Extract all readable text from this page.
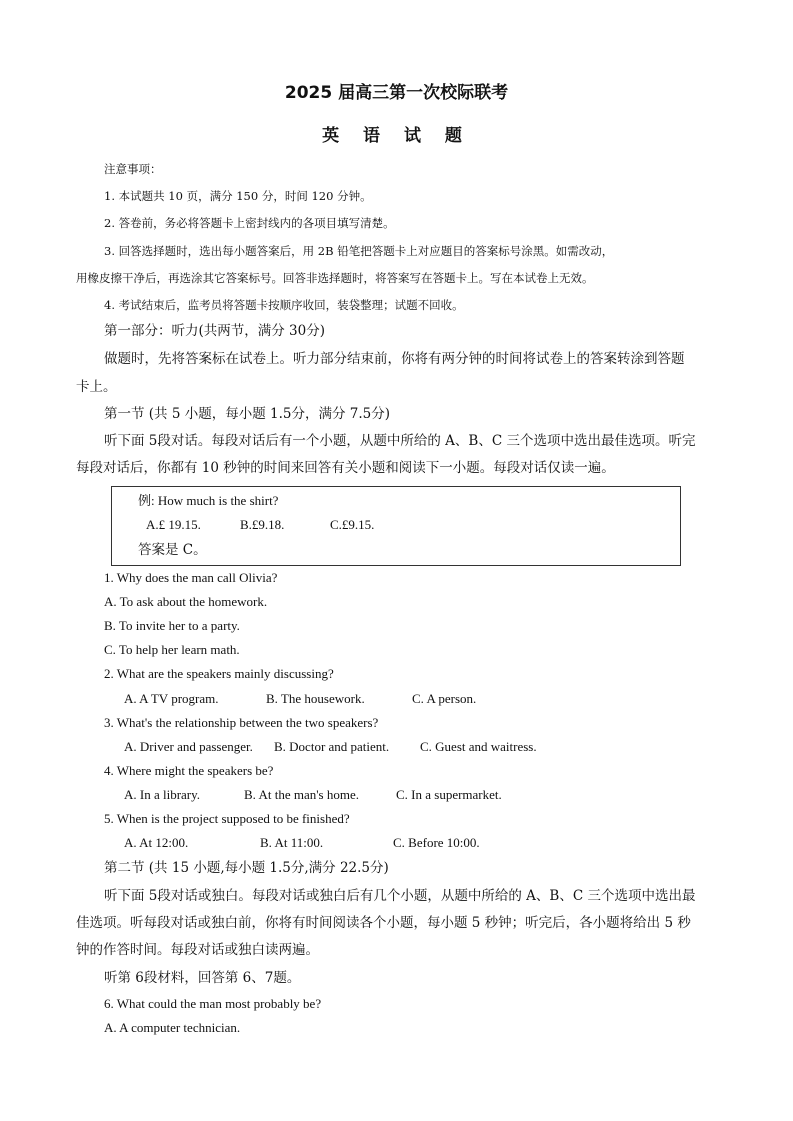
2025 届高三第一次校际联考
英 语 试 题
注意事项：
1. 本试题共 10 页，满分 150 分，时间 120 分钟。
2. 答卷前，务必将答题卡上密封线内的各项目填写清楚。
3. 回答选择题时，选出每小题答案后，用 2B 铅笔把答题卡上对应题目的答案标号涂黑。如需改动，
用橡皮擦干净后，再选涂其它答案标号。回答非选择题时，将答案写在答题卡上。写在本试卷上无效。
4. 考试结束后，监考员将答题卡按顺序收回，装袋整理；试题不回收。
第一部分：听力(共两节，满分 30分)
做题时，先将答案标在试卷上。听力部分结束前，你将有两分钟的时间将试卷上的答案转涂到答题
卡上。
第一节 (共 5 小题，每小题 1.5分，满分 7.5分)
听下面 5段对话。每段对话后有一个小题，从题中所给的 A、B、C 三个选项中选出最佳选项。听完
每段对话后，你都有 10 秒钟的时间来回答有关小题和阅读下一小题。每段对话仅读一遍。
例: How much is the shirt?
A.£ 19.15.	B.£9.18.	C.£9.15.
答案是 C。
1. Why does the man call Olivia?
A. To ask about the homework.
B. To invite her to a party.
C. To help her learn math.
2. What are the speakers mainly discussing?
A. A TV program.	B. The housework.	C. A person.
3. What's the relationship between the two speakers?
A. Driver and passenger. B. Doctor and patient. C. Guest and waitress.
4. Where might the speakers be?
A. In a library.	B. At the man's home.	C. In a supermarket.
5. When is the project supposed to be finished?
A. At 12:00.	B. At 11:00.	C. Before 10:00.
第二节 (共 15 小题,每小题 1.5分,满分 22.5分)
听下面 5段对话或独白。每段对话或独白后有几个小题，从题中所给的 A、B、C 三个选项中选出最
佳选项。听每段对话或独白前，你将有时间阅读各个小题，每小题 5 秒钟；听完后，各小题将给出 5 秒
钟的作答时间。每段对话或独白读两遍。
听第 6段材料，回答第 6、7题。
6. What could the man most probably be?
A. A computer technician.
